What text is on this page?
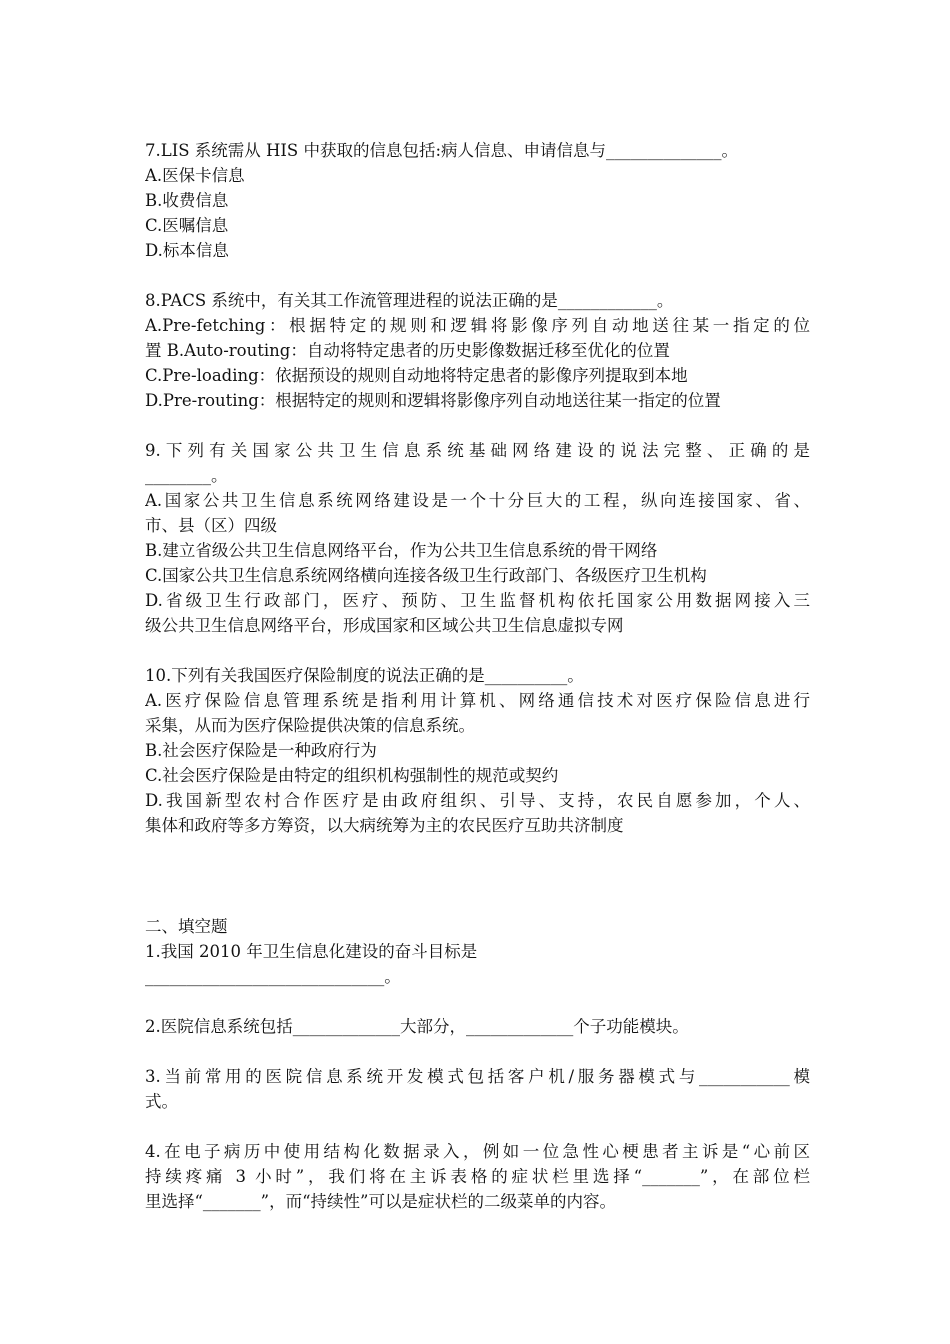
7.LIS 系统需从 HIS 中获取的信息包括:病人信息、申请信息与______________。
A.医保卡信息
B.收费信息
C.医嘱信息
D.标本信息
8.PACS 系统中，有关其工作流管理进程的说法正确的是____________。
A.Pre-fetching：根据特定的规则和逻辑将影像序列自动地送往某一指定的位
置 B.Auto-routing：自动将特定患者的历史影像数据迁移至优化的位置
C.Pre-loading：依据预设的规则自动地将特定患者的影像序列提取到本地
D.Pre-routing：根据特定的规则和逻辑将影像序列自动地送往某一指定的位置
9.下列有关国家公共卫生信息系统基础网络建设的说法完整、正确的是
________。
A.国家公共卫生信息系统网络建设是一个十分巨大的工程，纵向连接国家、省、
市、县（区）四级
B.建立省级公共卫生信息网络平台，作为公共卫生信息系统的骨干网络
C.国家公共卫生信息系统网络横向连接各级卫生行政部门、各级医疗卫生机构
D.省级卫生行政部门，医疗、预防、卫生监督机构依托国家公用数据网接入三
级公共卫生信息网络平台，形成国家和区域公共卫生信息虚拟专网
10.下列有关我国医疗保险制度的说法正确的是__________。
A.医疗保险信息管理系统是指利用计算机、网络通信技术对医疗保险信息进行
采集，从而为医疗保险提供决策的信息系统。
B.社会医疗保险是一种政府行为
C.社会医疗保险是由特定的组织机构强制性的规范或契约
D.我国新型农村合作医疗是由政府组织、引导、支持，农民自愿参加，个人、
集体和政府等多方筹资，以大病统筹为主的农民医疗互助共济制度
二、填空题
1.我国 2010 年卫生信息化建设的奋斗目标是
_____________________________。
2.医院信息系统包括_____________大部分，_____________个子功能模块。
3.当前常用的医院信息系统开发模式包括客户机/服务器模式与___________模
式。
4.在电子病历中使用结构化数据录入，例如一位急性心梗患者主诉是“心前区
持续疼痛 3 小时”，我们将在主诉表格的症状栏里选择“_______”，在部位栏
里选择“_______”，而“持续性”可以是症状栏的二级菜单的内容。
